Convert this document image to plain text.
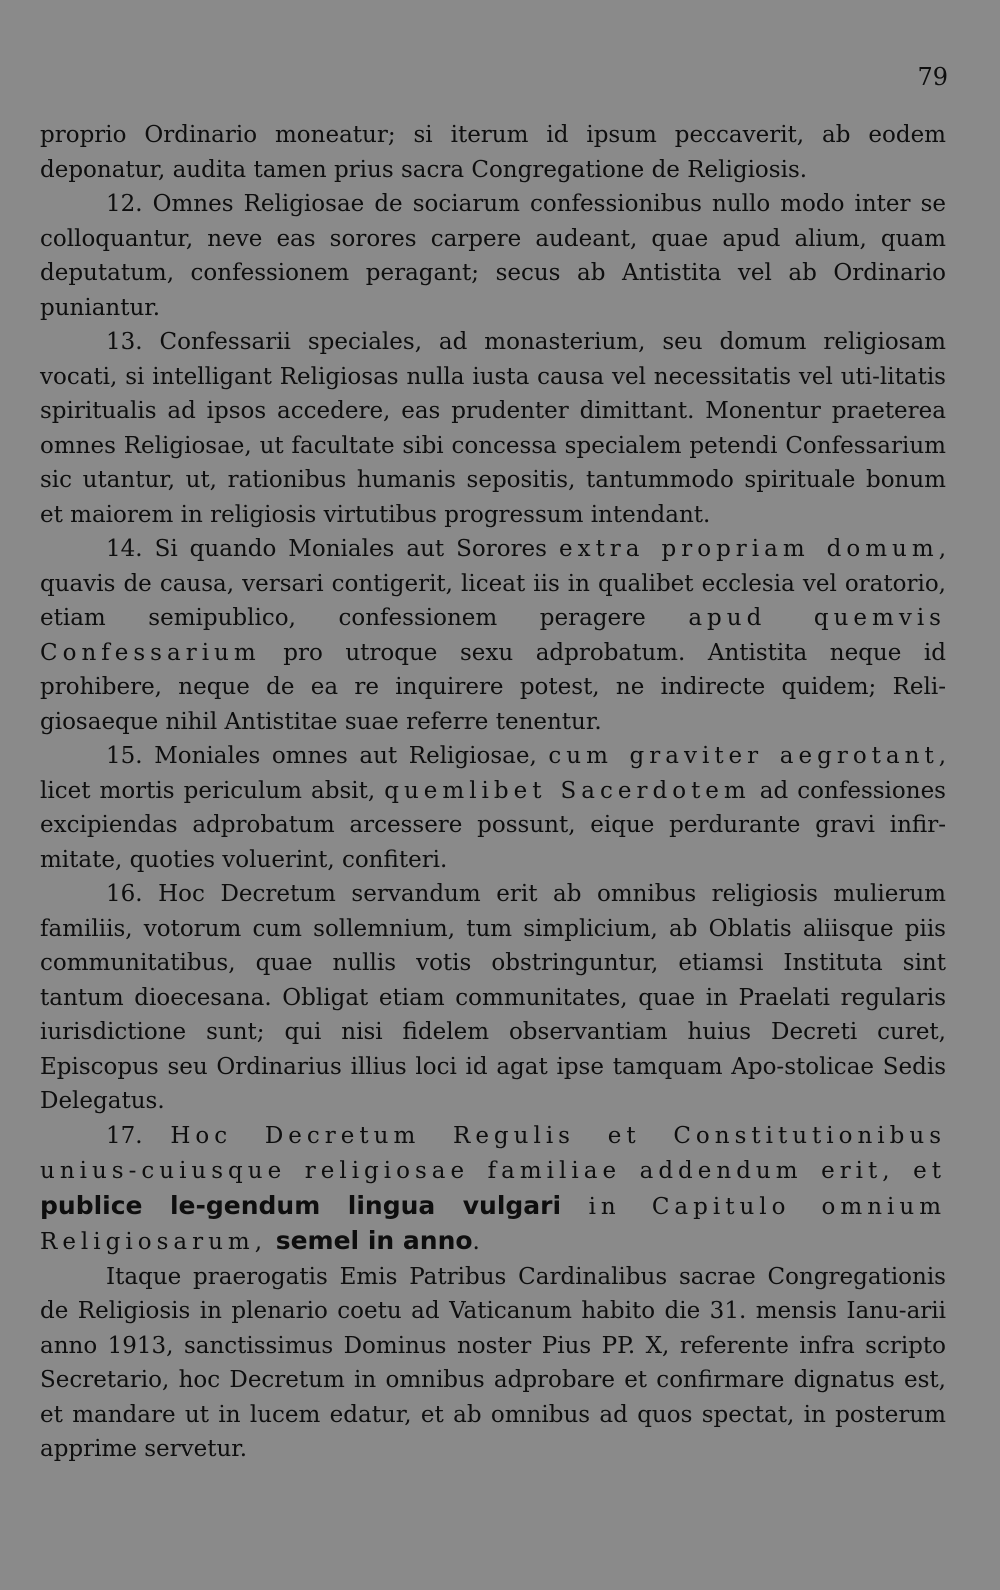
79

proprio Ordinario moneatur; si iterum id ipsum peccaverit, ab eodem deponatur, audita tamen prius sacra Congregatione de Religiosis.

12. Omnes Religiosae de sociarum confessionibus nullo modo inter se colloquantur, neve eas sorores carpere audeant, quae apud alium, quam deputatum, confessionem peragant; secus ab Antistita vel ab Ordinario puniantur.

13. Confessarii speciales, ad monasterium, seu domum religiosam vocati, si intelligant Religiosas nulla iusta causa vel necessitatis vel uti-litatis spiritualis ad ipsos accedere, eas prudenter dimittant. Monentur praeterea omnes Religiosae, ut facultate sibi concessa specialem petendi Confessarium sic utantur, ut, rationibus humanis sepositis, tantummodo spirituale bonum et maiorem in religiosis virtutibus progressum intendant.

14. Si quando Moniales aut Sorores extra propriam domum, quavis de causa, versari contigerit, liceat iis in qualibet ecclesia vel oratorio, etiam semipublico, confessionem peragere apud quemvis Confessarium pro utroque sexu adprobatum. Antistita neque id prohibere, neque de ea re inquirere potest, ne indirecte quidem; Reli-giosaeque nihil Antistitae suae referre tenentur.

15. Moniales omnes aut Religiosae, cum graviter aegrotant, licet mortis periculum absit, quemlibet Sacerdotem ad confessiones excipiendas adprobatum arcessere possunt, eique perdurante gravi infir-mitate, quoties voluerint, confiteri.

16. Hoc Decretum servandum erit ab omnibus religiosis mulierum familiis, votorum cum sollemnium, tum simplicium, ab Oblatis aliisque piis communitatibus, quae nullis votis obstringuntur, etiamsi Instituta sint tantum dioecesana. Obligat etiam communitates, quae in Praelati regularis iurisdictione sunt; qui nisi fidelem observantiam huius Decreti curet, Episcopus seu Ordinarius illius loci id agat ipse tamquam Apo-stolicae Sedis Delegatus.

17. Hoc Decretum Regulis et Constitutionibus unius-cuiusque religiosae familiae addendum erit, et publice le-gendum lingua vulgari in Capitulo omnium Religiosarum, semel in anno.

Itaque praerogatis Emis Patribus Cardinalibus sacrae Congregationis de Religiosis in plenario coetu ad Vaticanum habito die 31. mensis Ianu-arii anno 1913, sanctissimus Dominus noster Pius PP. X, referente infra scripto Secretario, hoc Decretum in omnibus adprobare et confirmare dignatus est, et mandare ut in lucem edatur, et ab omnibus ad quos spectat, in posterum apprime servetur.
